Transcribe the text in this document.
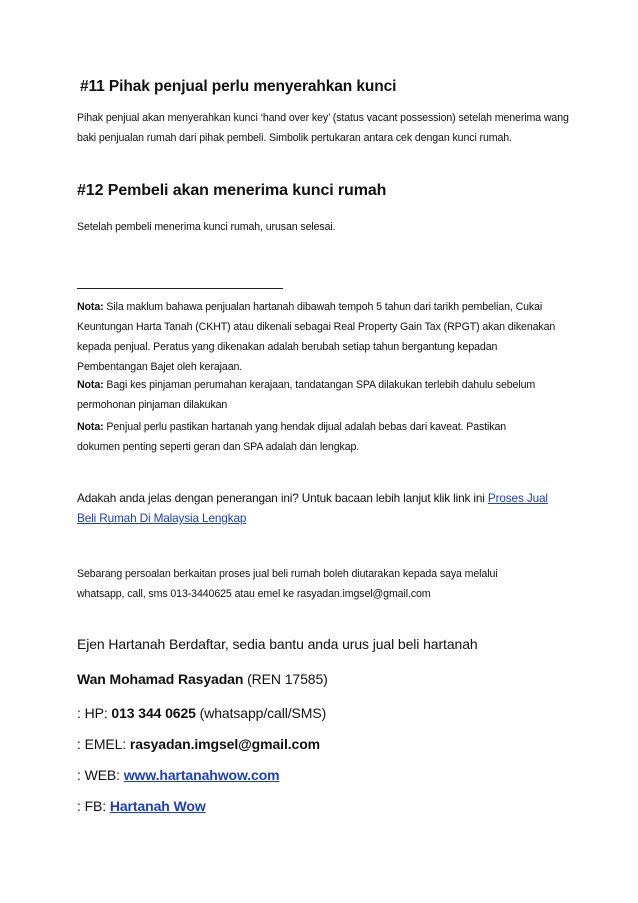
#11 Pihak penjual perlu menyerahkan kunci

Pihak penjual akan menyerahkan kunci ‘hand over key’ (status vacant possession) setelah menerima wang baki penjualan rumah dari pihak pembeli. Simbolik pertukaran antara cek dengan kunci rumah.

#12 Pembeli akan menerima kunci rumah

Setelah pembeli menerima kunci rumah, urusan selesai.

Nota: Sila maklum bahawa penjualan hartanah dibawah tempoh 5 tahun dari tarikh pembelian, Cukai Keuntungan Harta Tanah (CKHT) atau dikenali sebagai Real Property Gain Tax (RPGT) akan dikenakan kepada penjual. Peratus yang dikenakan adalah berubah setiap tahun bergantung kepadan Pembentangan Bajet oleh kerajaan.

Nota: Bagi kes pinjaman perumahan kerajaan, tandatangan SPA dilakukan terlebih dahulu sebelum permohonan pinjaman dilakukan

Nota: Penjual perlu pastikan hartanah yang hendak dijual adalah bebas dari kaveat. Pastikan dokumen penting seperti geran dan SPA adalah dan lengkap.

Adakah anda jelas dengan penerangan ini? Untuk bacaan lebih lanjut klik link ini Proses Jual Beli Rumah Di Malaysia Lengkap

Sebarang persoalan berkaitan proses jual beli rumah boleh diutarakan kepada saya melalui whatsapp, call, sms 013-3440625 atau emel ke rasyadan.imgsel@gmail.com

Ejen Hartanah Berdaftar, sedia bantu anda urus jual beli hartanah

Wan Mohamad Rasyadan (REN 17585)

: HP: 013 344 0625 (whatsapp/call/SMS)

: EMEL: rasyadan.imgsel@gmail.com

: WEB: www.hartanahwow.com

: FB: Hartanah Wow
